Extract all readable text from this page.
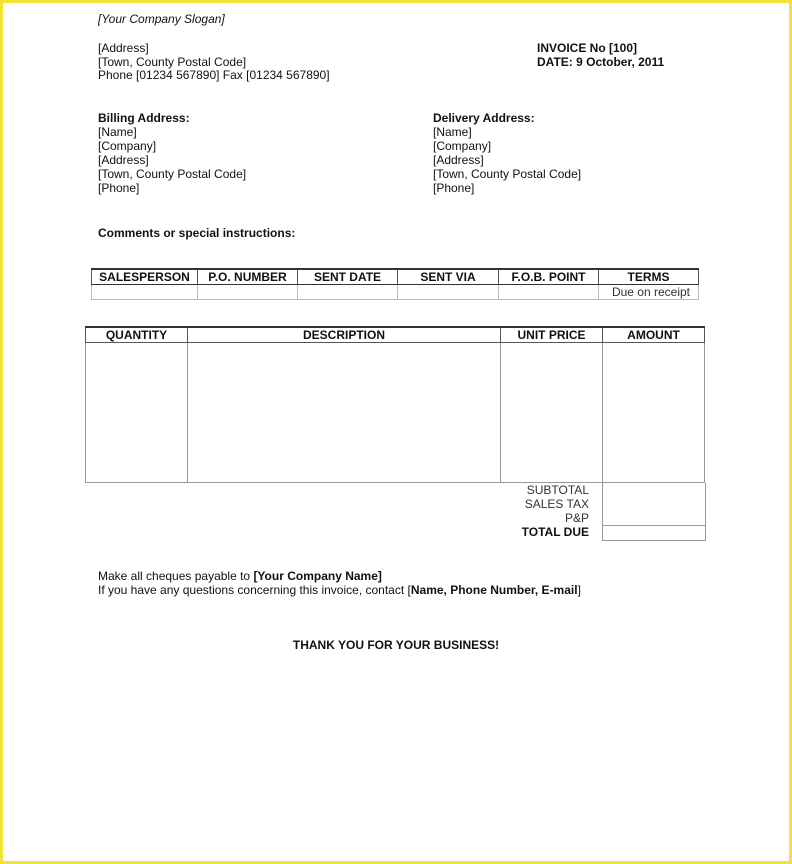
[Your Company Slogan]
[Address]
[Town, County Postal Code]
Phone [01234 567890] Fax [01234 567890]
INVOICE No [100]
DATE: 9 October, 2011
Billing Address:
[Name]
[Company]
[Address]
[Town, County Postal Code]
[Phone]
Delivery Address:
[Name]
[Company]
[Address]
[Town, County Postal Code]
[Phone]
Comments or special instructions:
SALESPERSON	P.O. NUMBER	SENT DATE	SENT VIA	F.O.B. POINT	TERMS
					Due on receipt
QUANTITY	DESCRIPTION	UNIT PRICE	AMOUNT

SUBTOTAL
SALES TAX
P&P
TOTAL DUE
Make all cheques payable to [Your Company Name]
If you have any questions concerning this invoice, contact [Name, Phone Number, E-mail]
THANK YOU FOR YOUR BUSINESS!
